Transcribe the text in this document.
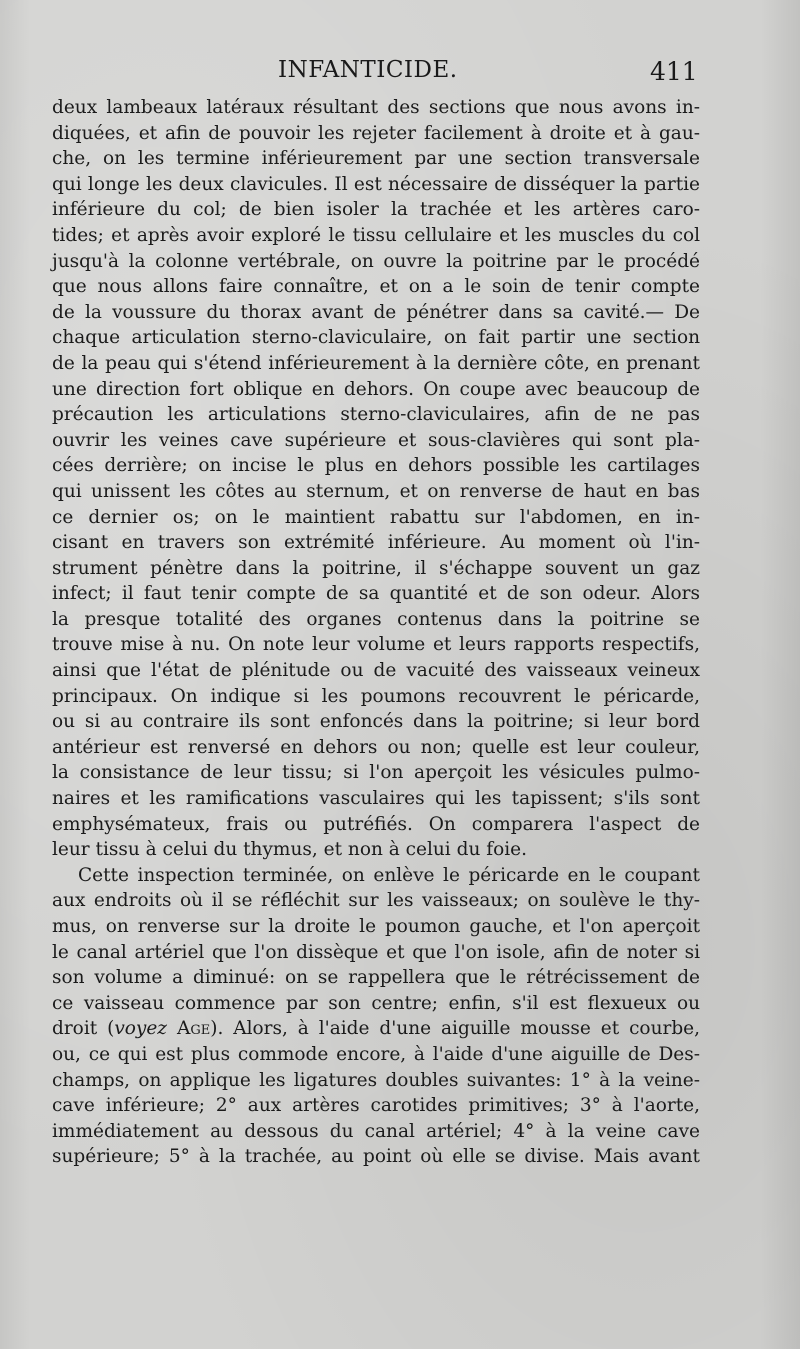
INFANTICIDE.	411
deux lambeaux latéraux résultant des sections que nous avons in-
diquées, et afin de pouvoir les rejeter facilement à droite et à gau-
che, on les termine inférieurement par une section transversale
qui longe les deux clavicules. Il est nécessaire de disséquer la partie
inférieure du col; de bien isoler la trachée et les artères caro-
tides; et après avoir exploré le tissu cellulaire et les muscles du col
jusqu'à la colonne vertébrale, on ouvre la poitrine par le procédé
que nous allons faire connaître, et on a le soin de tenir compte
de la voussure du thorax avant de pénétrer dans sa cavité.— De
chaque articulation sterno-claviculaire, on fait partir une section
de la peau qui s'étend inférieurement à la dernière côte, en prenant
une direction fort oblique en dehors. On coupe avec beaucoup de
précaution les articulations sterno-claviculaires, afin de ne pas
ouvrir les veines cave supérieure et sous-clavières qui sont pla-
cées derrière; on incise le plus en dehors possible les cartilages
qui unissent les côtes au sternum, et on renverse de haut en bas
ce dernier os; on le maintient rabattu sur l'abdomen, en in-
cisant en travers son extrémité inférieure. Au moment où l'in-
strument pénètre dans la poitrine, il s'échappe souvent un gaz
infect; il faut tenir compte de sa quantité et de son odeur. Alors
la presque totalité des organes contenus dans la poitrine se
trouve mise à nu. On note leur volume et leurs rapports respectifs,
ainsi que l'état de plénitude ou de vacuité des vaisseaux veineux
principaux. On indique si les poumons recouvrent le péricarde,
ou si au contraire ils sont enfoncés dans la poitrine; si leur bord
antérieur est renversé en dehors ou non; quelle est leur couleur,
la consistance de leur tissu; si l'on aperçoit les vésicules pulmo-
naires et les ramifications vasculaires qui les tapissent; s'ils sont
emphysémateux, frais ou putréfiés. On comparera l'aspect de
leur tissu à celui du thymus, et non à celui du foie.
Cette inspection terminée, on enlève le péricarde en le coupant
aux endroits où il se réfléchit sur les vaisseaux; on soulève le thy-
mus, on renverse sur la droite le poumon gauche, et l'on aperçoit
le canal artériel que l'on dissèque et que l'on isole, afin de noter si
son volume a diminué: on se rappellera que le rétrécissement de
ce vaisseau commence par son centre; enfin, s'il est flexueux ou
droit (voyez Age). Alors, à l'aide d'une aiguille mousse et courbe,
ou, ce qui est plus commode encore, à l'aide d'une aiguille de Des-
champs, on applique les ligatures doubles suivantes: 1° à la veine-
cave inférieure; 2° aux artères carotides primitives; 3° à l'aorte,
immédiatement au dessous du canal artériel; 4° à la veine cave
supérieure; 5° à la trachée, au point où elle se divise. Mais avant
